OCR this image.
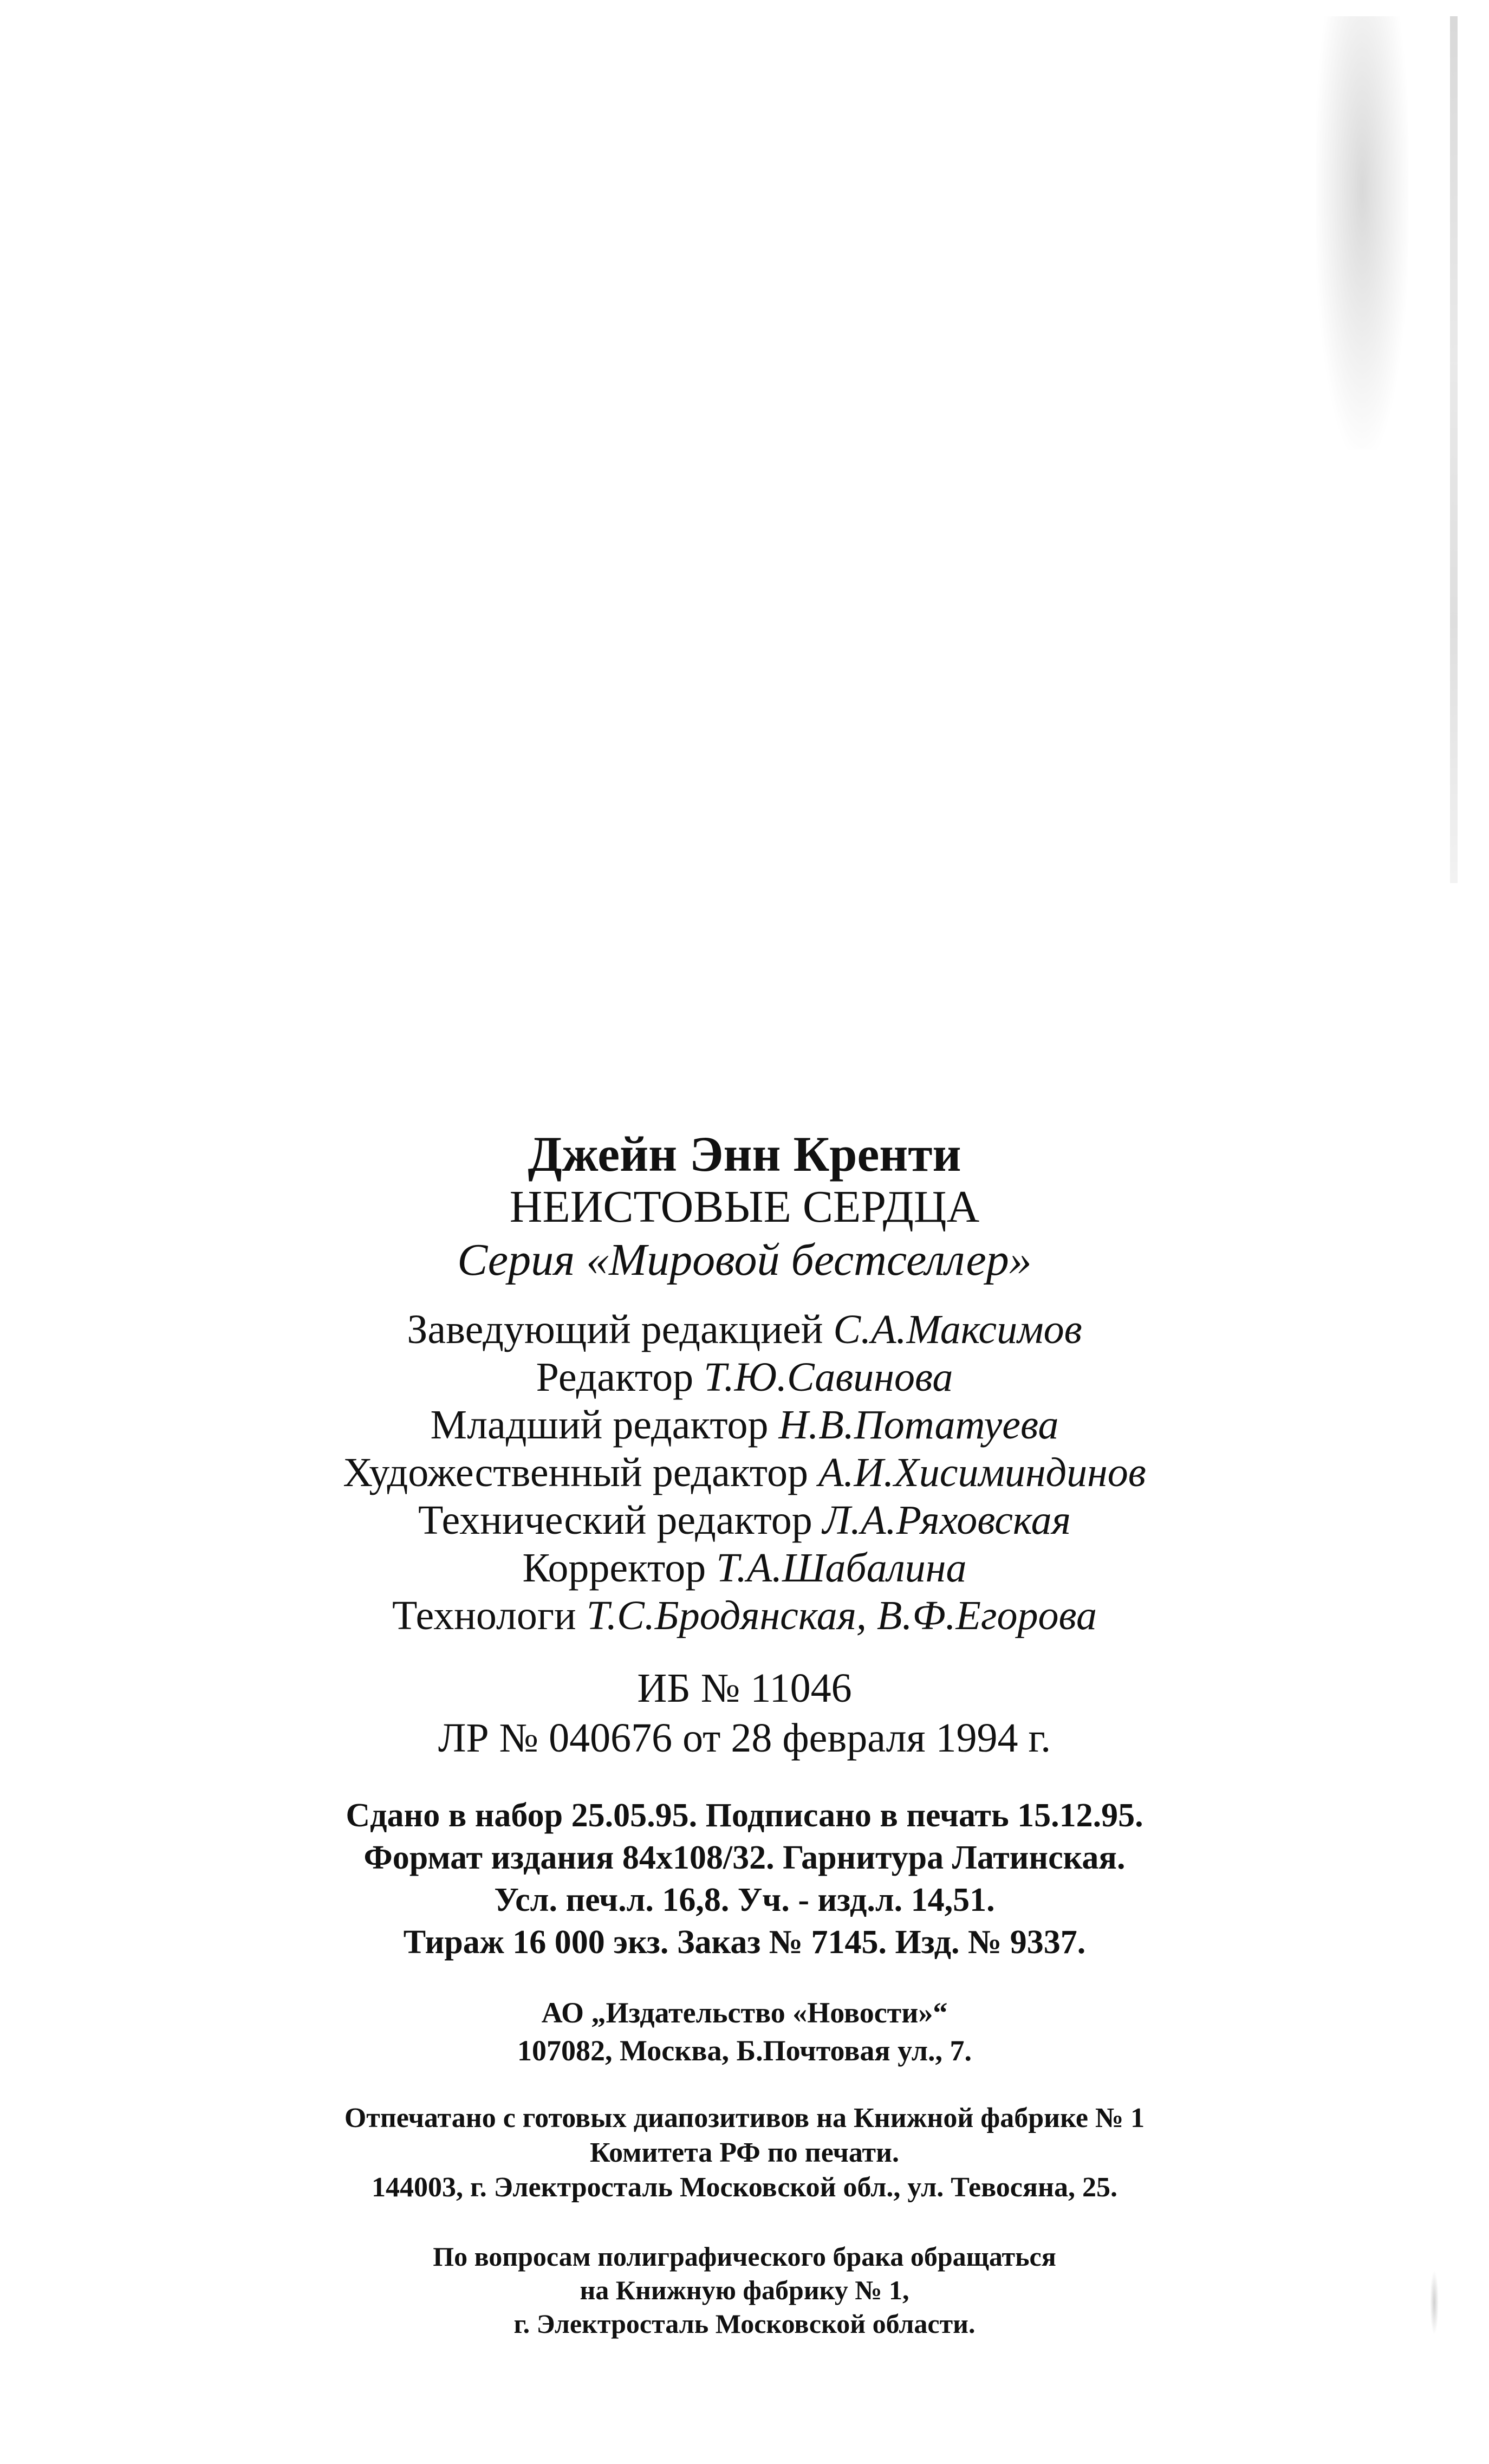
Джейн Энн Кренти
НЕИСТОВЫЕ СЕРДЦА
Серия «Мировой бестселлер»
Заведующий редакцией С.А.Максимов
Редактор Т.Ю.Савинова
Младший редактор Н.В.Потатуева
Художественный редактор А.И.Хисиминдинов
Технический редактор Л.А.Ряховская
Корректор Т.А.Шабалина
Технологи Т.С.Бродянская, В.Ф.Егорова
ИБ № 11046
ЛР № 040676 от 28 февраля 1994 г.
Сдано в набор 25.05.95. Подписано в печать 15.12.95.
Формат издания 84х108/32. Гарнитура Латинская.
Усл. печ.л. 16,8. Уч. - изд.л. 14,51.
Тираж 16 000 экз. Заказ № 7145. Изд. № 9337.
АО „Издательство «Новости»“
107082, Москва, Б.Почтовая ул., 7.
Отпечатано с готовых диапозитивов на Книжной фабрике № 1
Комитета РФ по печати.
144003, г. Электросталь Московской обл., ул. Тевосяна, 25.
По вопросам полиграфического брака обращаться
на Книжную фабрику № 1,
г. Электросталь Московской области.
